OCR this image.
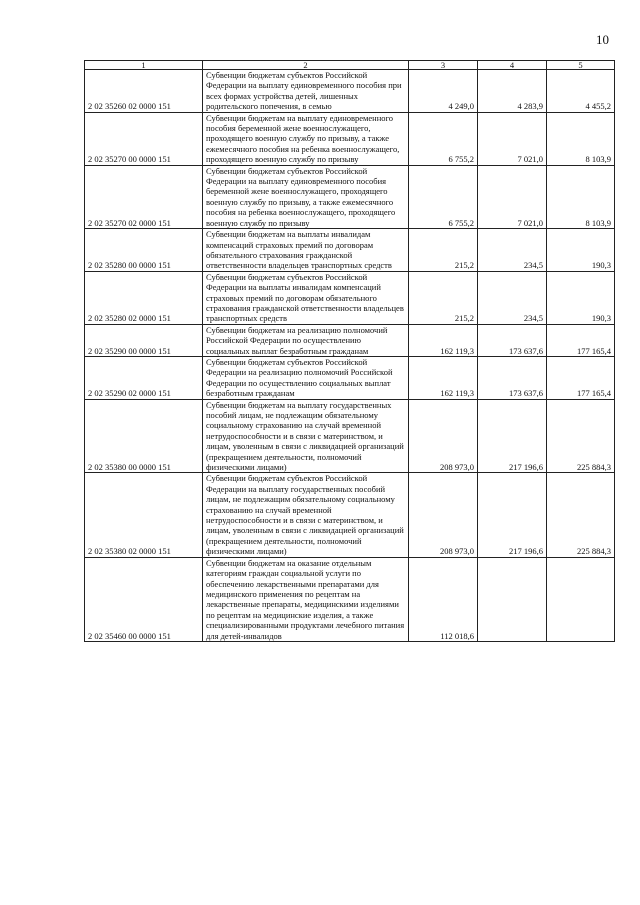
10
1	2	3	4	5
2 02 35260 02 0000 151	Субвенции бюджетам субъектов Российской Федерации на выплату единовременного пособия при всех формах устройства детей, лишенных родительского попечения, в семью	4 249,0	4 283,9	4 455,2
2 02 35270 00 0000 151	Субвенции бюджетам на выплату единовременного пособия беременной жене военнослужащего, проходящего военную службу по призыву, а также ежемесячного пособия на ребенка военнослужащего, проходящего военную службу по призыву	6 755,2	7 021,0	8 103,9
2 02 35270 02 0000 151	Субвенции бюджетам субъектов Российской Федерации на выплату единовременного пособия беременной жене военнослужащего, проходящего военную службу по призыву, а также ежемесячного пособия на ребенка военнослужащего, проходящего военную службу по призыву	6 755,2	7 021,0	8 103,9
2 02 35280 00 0000 151	Субвенции бюджетам на выплаты инвалидам компенсаций страховых премий по договорам обязательного страхования гражданской ответственности владельцев транспортных средств	215,2	234,5	190,3
2 02 35280 02 0000 151	Субвенции бюджетам субъектов Российской Федерации на выплаты инвалидам компенсаций страховых премий по договорам обязательного страхования гражданской ответственности владельцев транспортных средств	215,2	234,5	190,3
2 02 35290 00 0000 151	Субвенции бюджетам на реализацию полномочий Российской Федерации по осуществлению социальных выплат безработным гражданам	162 119,3	173 637,6	177 165,4
2 02 35290 02 0000 151	Субвенции бюджетам субъектов Российской Федерации на реализацию полномочий Российской Федерации по осуществлению социальных выплат безработным гражданам	162 119,3	173 637,6	177 165,4
2 02 35380 00 0000 151	Субвенции бюджетам на выплату государственных пособий лицам, не подлежащим обязательному социальному страхованию на случай временной нетрудоспособности и в связи с материнством, и лицам, уволенным в связи с ликвидацией организаций (прекращением деятельности, полномочий физическими лицами)	208 973,0	217 196,6	225 884,3
2 02 35380 02 0000 151	Субвенции бюджетам субъектов Российской Федерации на выплату государственных пособий лицам, не подлежащим обязательному социальному страхованию на случай временной нетрудоспособности и в связи с материнством, и лицам, уволенным в связи с ликвидацией организаций (прекращением деятельности, полномочий физическими лицами)	208 973,0	217 196,6	225 884,3
2 02 35460 00 0000 151	Субвенции бюджетам на оказание отдельным категориям граждан социальной услуги по обеспечению лекарственными препаратами для медицинского применения по рецептам на лекарственные препараты, медицинскими изделиями по рецептам на медицинские изделия, а также специализированными продуктами лечебного питания для детей-инвалидов	112 018,6		
